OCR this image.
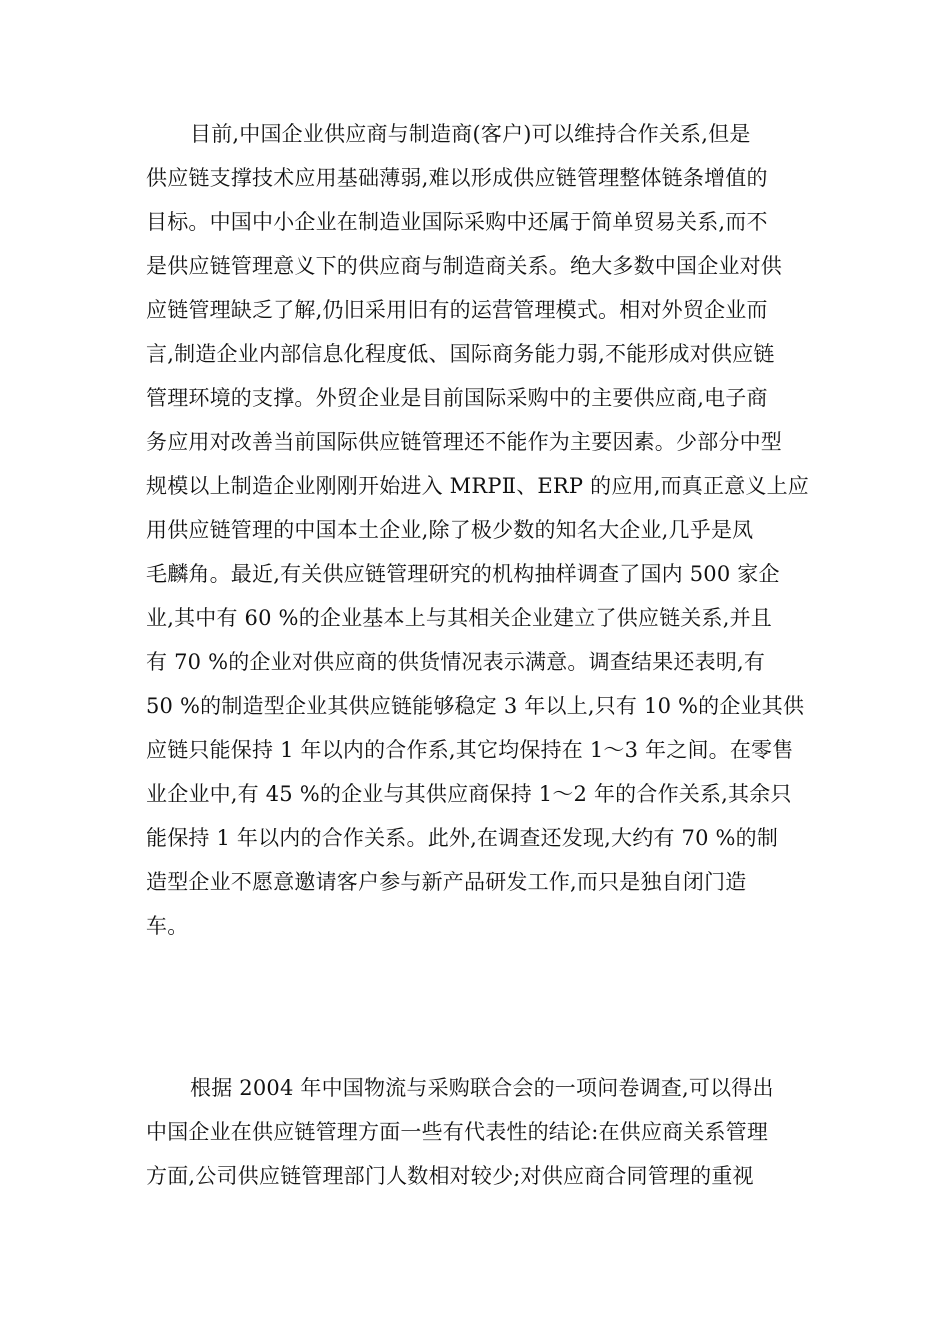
目前,中国企业供应商与制造商(客户)可以维持合作关系,但是
供应链支撑技术应用基础薄弱,难以形成供应链管理整体链条增值的
目标。中国中小企业在制造业国际采购中还属于简单贸易关系,而不
是供应链管理意义下的供应商与制造商关系。绝大多数中国企业对供
应链管理缺乏了解,仍旧采用旧有的运营管理模式。相对外贸企业而
言,制造企业内部信息化程度低、国际商务能力弱,不能形成对供应链
管理环境的支撑。外贸企业是目前国际采购中的主要供应商,电子商
务应用对改善当前国际供应链管理还不能作为主要因素。少部分中型
规模以上制造企业刚刚开始进入 MRPⅡ、ERP 的应用,而真正意义上应
用供应链管理的中国本土企业,除了极少数的知名大企业,几乎是凤
毛麟角。最近,有关供应链管理研究的机构抽样调查了国内 500 家企
业,其中有 60 %的企业基本上与其相关企业建立了供应链关系,并且
有 70 %的企业对供应商的供货情况表示满意。调查结果还表明,有
50 %的制造型企业其供应链能够稳定 3 年以上,只有 10 %的企业其供
应链只能保持 1 年以内的合作系,其它均保持在 1～3 年之间。在零售
业企业中,有 45 %的企业与其供应商保持 1～2 年的合作关系,其余只
能保持 1 年以内的合作关系。此外,在调查还发现,大约有 70 %的制
造型企业不愿意邀请客户参与新产品研发工作,而只是独自闭门造
车。
根据 2004 年中国物流与采购联合会的一项问卷调查,可以得出
中国企业在供应链管理方面一些有代表性的结论:在供应商关系管理
方面,公司供应链管理部门人数相对较少;对供应商合同管理的重视
